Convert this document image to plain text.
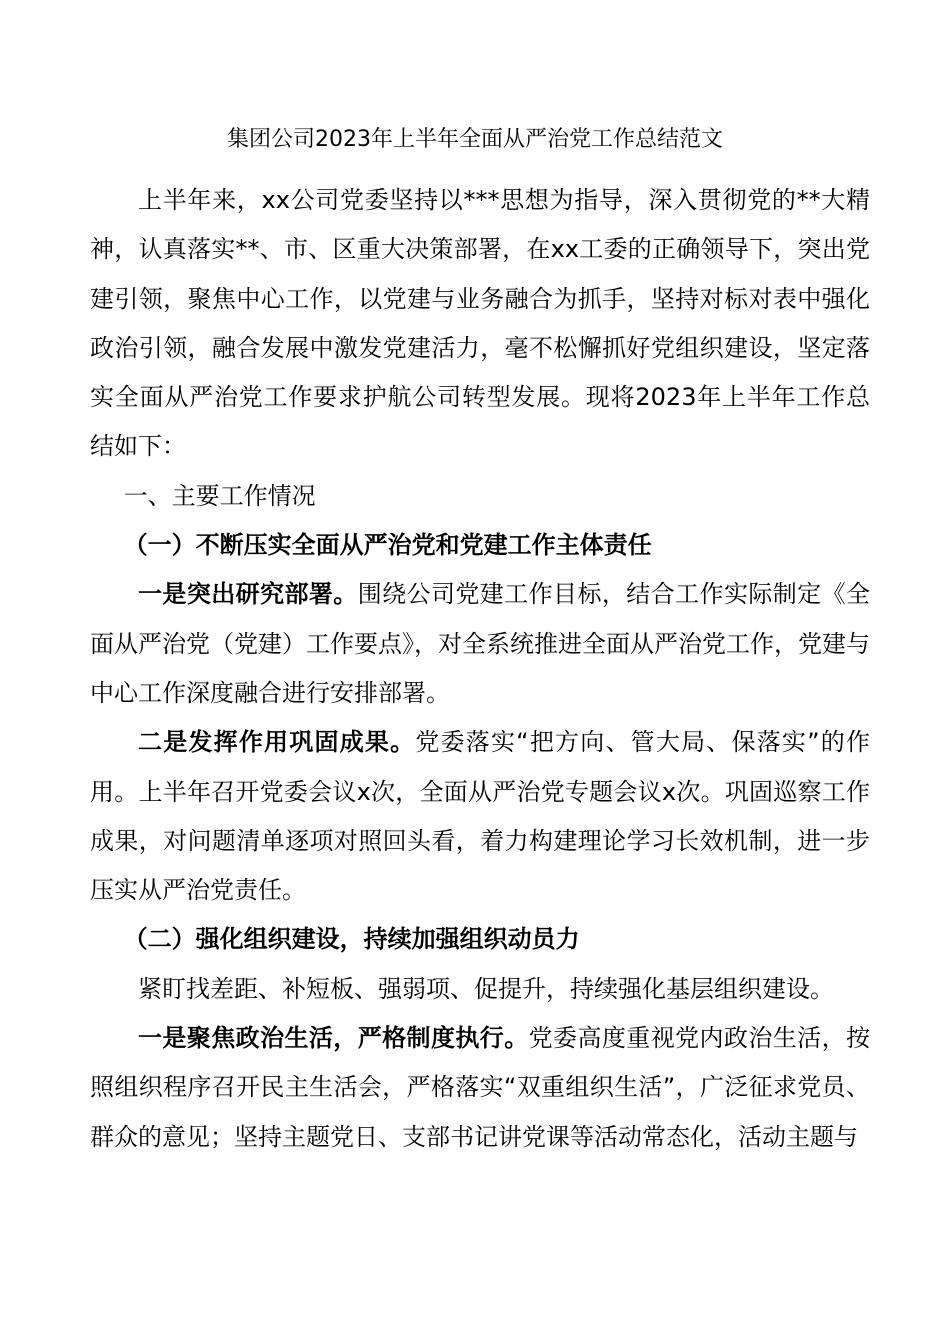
集团公司2023年上半年全面从严治党工作总结范文

上半年来，xx公司党委坚持以***思想为指导，深入贯彻党的**大精神，认真落实**、市、区重大决策部署，在xx工委的正确领导下，突出党建引领，聚焦中心工作，以党建与业务融合为抓手，坚持对标对表中强化政治引领，融合发展中激发党建活力，毫不松懈抓好党组织建设，坚定落实全面从严治党工作要求护航公司转型发展。现将2023年上半年工作总结如下：

一、主要工作情况

（一）不断压实全面从严治党和党建工作主体责任

一是突出研究部署。围绕公司党建工作目标，结合工作实际制定《全面从严治党（党建）工作要点》，对全系统推进全面从严治党工作，党建与中心工作深度融合进行安排部署。

二是发挥作用巩固成果。党委落实“把方向、管大局、保落实”的作用。上半年召开党委会议x次，全面从严治党专题会议x次。巩固巡察工作成果，对问题清单逐项对照回头看，着力构建理论学习长效机制，进一步压实从严治党责任。

（二）强化组织建设，持续加强组织动员力

紧盯找差距、补短板、强弱项、促提升，持续强化基层组织建设。

一是聚焦政治生活，严格制度执行。党委高度重视党内政治生活，按照组织程序召开民主生活会，严格落实“双重组织生活”，广泛征求党员、群众的意见；坚持主题党日、支部书记讲党课等活动常态化，活动主题与
